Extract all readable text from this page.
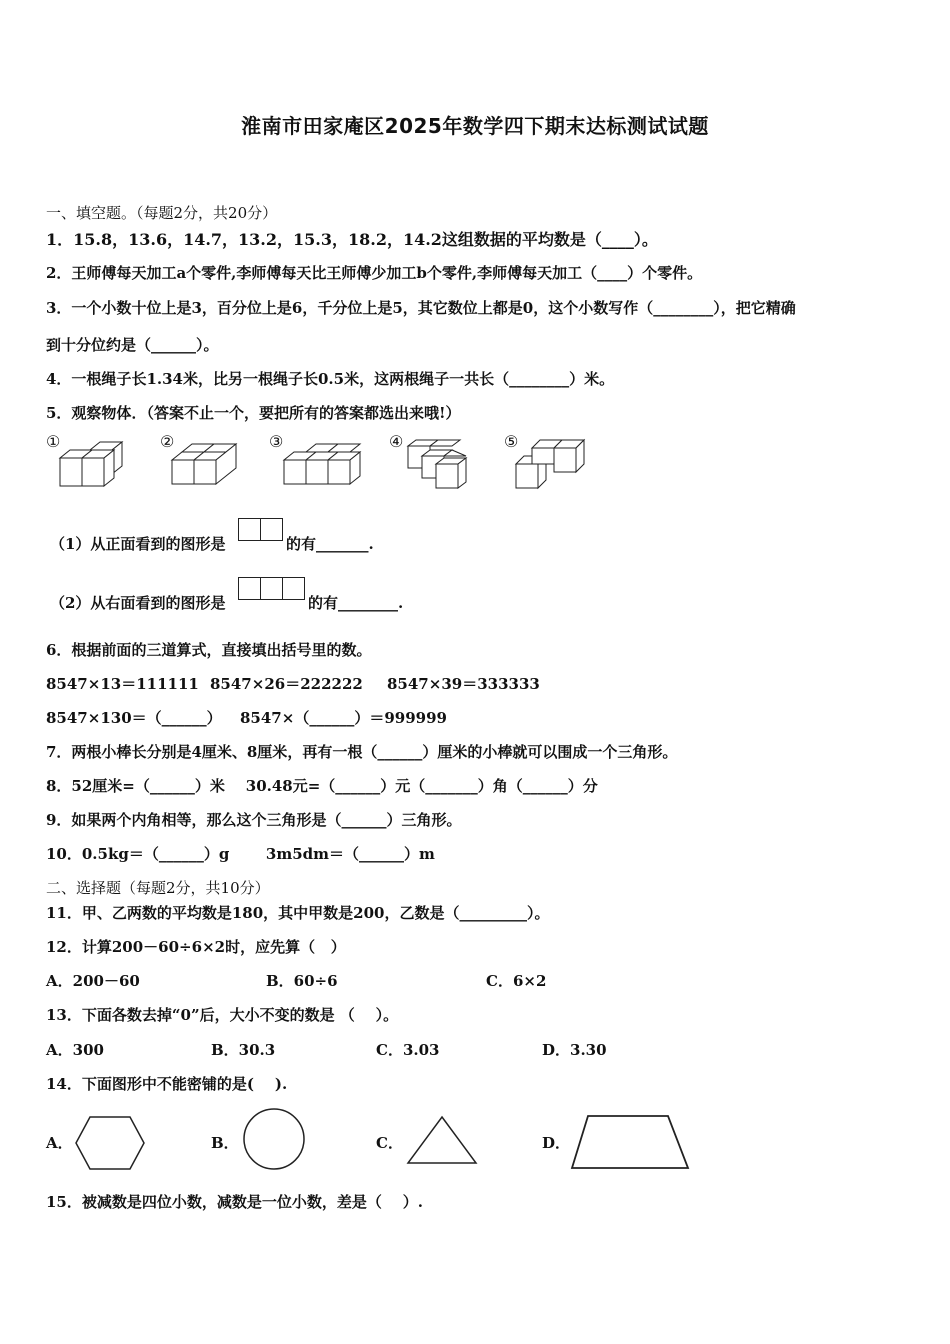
淮南市田家庵区2025年数学四下期末达标测试试题
一、填空题。（每题2分，共20分）
1．15.8，13.6，14.7，13.2，15.3，18.2，14.2这组数据的平均数是（____）。
2．王师傅每天加工a个零件,李师傅每天比王师傅少加工b个零件,李师傅每天加工（____）个零件。
3．一个小数十位上是3，百分位上是6，千分位上是5，其它数位上都是0，这个小数写作（________），把它精确
到十分位约是（______）。
4．一根绳子长1.34米，比另一根绳子长0.5米，这两根绳子一共长（________）米。
5．观察物体．（答案不止一个，要把所有的答案都选出来哦!）
①	②	③	④	⑤
（1）从正面看到的图形是	的有_______.
（2）从右面看到的图形是	的有________.
6．根据前面的三道算式，直接填出括号里的数。
8547×13＝111111 8547×26＝222222 8547×39＝333333
8547×130＝（______） 8547×（______）＝999999
7．两根小棒长分别是4厘米、8厘米，再有一根（______）厘米的小棒就可以围成一个三角形。
8．52厘米=（______）米    30.48元=（______）元（_______）角（______）分
9．如果两个内角相等，那么这个三角形是（______）三角形。
10．0.5kg＝（______）g       3m5dm＝（______）m
二、选择题（每题2分，共10分）
11．甲、乙两数的平均数是180，其中甲数是200，乙数是（_________）。
12．计算200－60÷6×2时，应先算（   ）
A．200－60	B．60÷6	C．6×2
13．下面各数去掉“0”后，大小不变的数是 （    ）。
A．300	B．30.3	C．3.03	D．3.30
14．下面图形中不能密铺的是(    ).
A．	B．	C．	D．
15．被减数是四位小数，减数是一位小数，差是（    ）.
